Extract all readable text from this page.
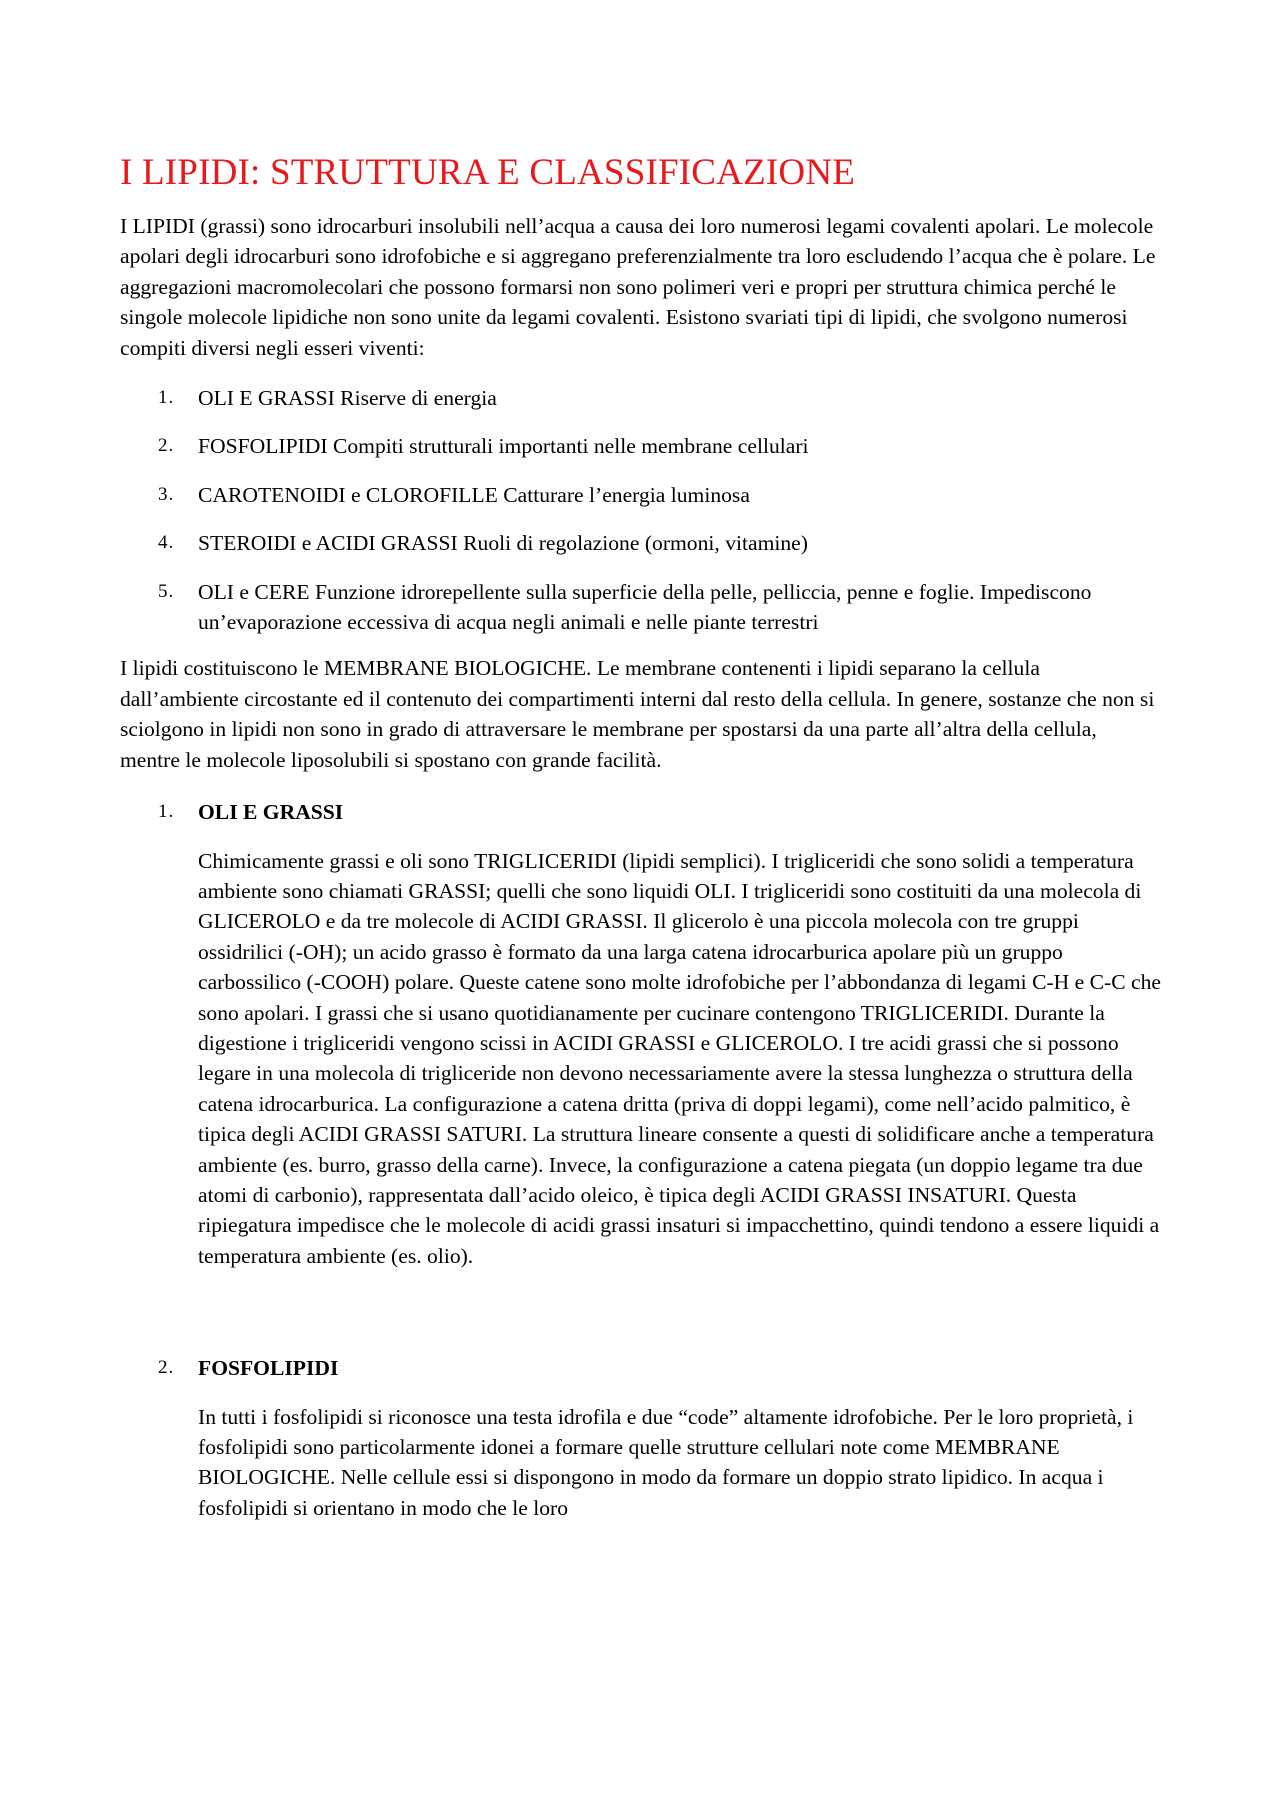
I LIPIDI: STRUTTURA E CLASSIFICAZIONE

I LIPIDI (grassi) sono idrocarburi insolubili nell’acqua a causa dei loro numerosi legami covalenti apolari. Le molecole apolari degli idrocarburi sono idrofobiche e si aggregano preferenzialmente tra loro escludendo l’acqua che è polare. Le aggregazioni macromolecolari che possono formarsi non sono polimeri veri e propri per struttura chimica perché le singole molecole lipidiche non sono unite da legami covalenti. Esistono svariati tipi di lipidi, che svolgono numerosi compiti diversi negli esseri viventi:

1. OLI E GRASSI Riserve di energia
2. FOSFOLIPIDI Compiti strutturali importanti nelle membrane cellulari
3. CAROTENOIDI e CLOROFILLE Catturare l’energia luminosa
4. STEROIDI e ACIDI GRASSI Ruoli di regolazione (ormoni, vitamine)
5. OLI e CERE Funzione idrorepellente sulla superficie della pelle, pelliccia, penne e foglie. Impediscono un’evaporazione eccessiva di acqua negli animali e nelle piante terrestri

I lipidi costituiscono le MEMBRANE BIOLOGICHE. Le membrane contenenti i lipidi separano la cellula dall’ambiente circostante ed il contenuto dei compartimenti interni dal resto della cellula. In genere, sostanze che non si sciolgono in lipidi non sono in grado di attraversare le membrane per spostarsi da una parte all’altra della cellula, mentre le molecole liposolubili si spostano con grande facilità.

1. OLI E GRASSI

Chimicamente grassi e oli sono TRIGLICERIDI (lipidi semplici). I trigliceridi che sono solidi a temperatura ambiente sono chiamati GRASSI; quelli che sono liquidi OLI. I trigliceridi sono costituiti da una molecola di GLICEROLO e da tre molecole di ACIDI GRASSI. Il glicerolo è una piccola molecola con tre gruppi ossidrilici (-OH); un acido grasso è formato da una larga catena idrocarburica apolare più un gruppo carbossilico (-COOH) polare. Queste catene sono molte idrofobiche per l’abbondanza di legami C-H e C-C che sono apolari. I grassi che si usano quotidianamente per cucinare contengono TRIGLICERIDI. Durante la digestione i trigliceridi vengono scissi in ACIDI GRASSI e GLICEROLO. I tre acidi grassi che si possono legare in una molecola di trigliceride non devono necessariamente avere la stessa lunghezza o struttura della catena idrocarburica. La configurazione a catena dritta (priva di doppi legami), come nell’acido palmitico, è tipica degli ACIDI GRASSI SATURI. La struttura lineare consente a questi di solidificare anche a temperatura ambiente (es. burro, grasso della carne). Invece, la configurazione a catena piegata (un doppio legame tra due atomi di carbonio), rappresentata dall’acido oleico, è tipica degli ACIDI GRASSI INSATURI. Questa ripiegatura impedisce che le molecole di acidi grassi insaturi si impacchettino, quindi tendono a essere liquidi a temperatura ambiente (es. olio).

2. FOSFOLIPIDI

In tutti i fosfolipidi si riconosce una testa idrofila e due “code” altamente idrofobiche. Per le loro proprietà, i fosfolipidi sono particolarmente idonei a formare quelle strutture cellulari note come MEMBRANE BIOLOGICHE. Nelle cellule essi si dispongono in modo da formare un doppio strato lipidico. In acqua i fosfolipidi si orientano in modo che le loro
